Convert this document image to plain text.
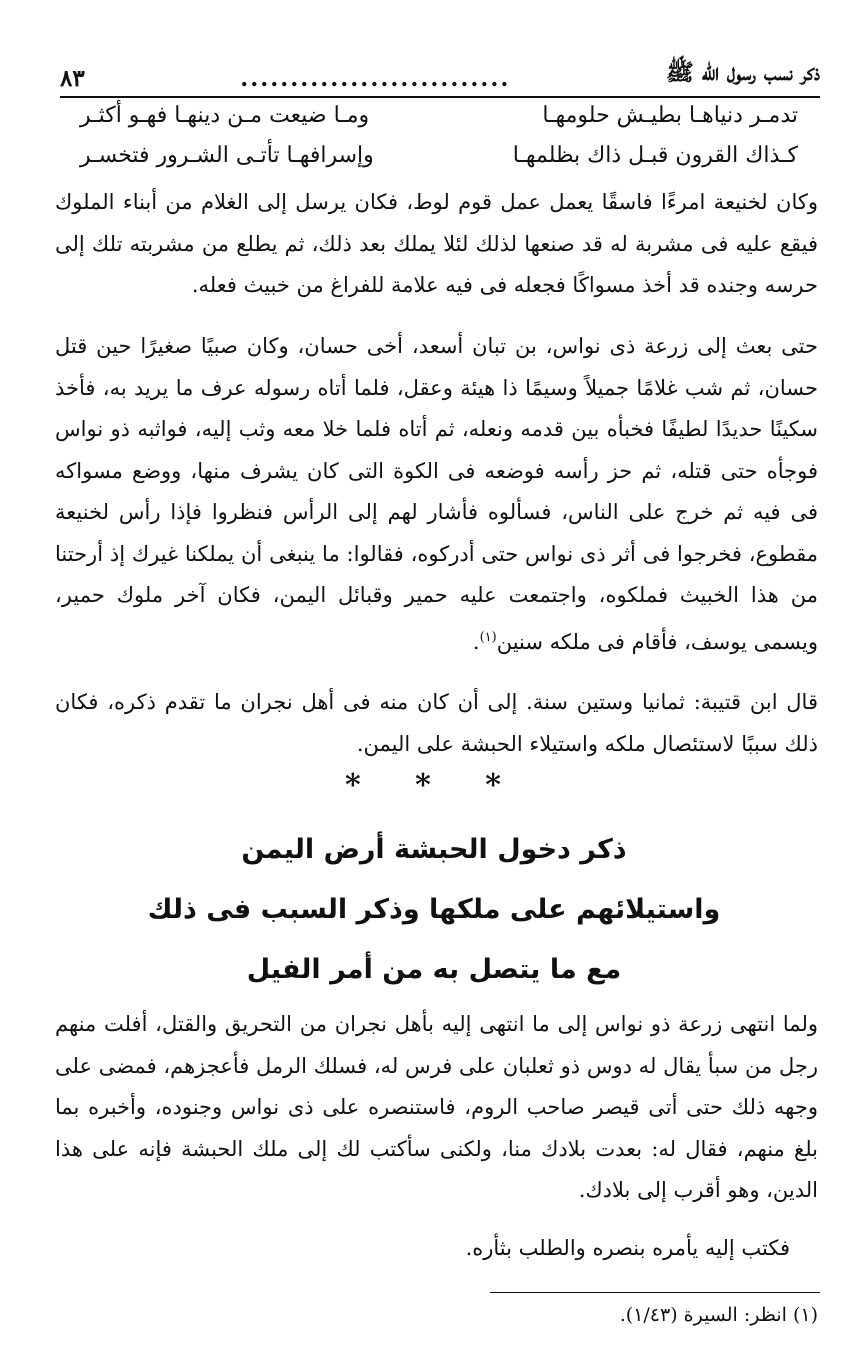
ذكر نسب رسول الله ﷺ
...........................
٨٣
تدمـر دنياهـا بطيـش حلومهـا
ومـا ضيعت مـن دينهـا فهـو أكثـر
كـذاك القرون قبـل ذاك بظلمهـا
وإسرافهـا تأتـى الشـرور فتخسـر

وكان لخنيعة امرءًا فاسقًا يعمل عمل قوم لوط، فكان يرسل إلى الغلام من أبناء الملوك فيقع عليه فى مشربة له قد صنعها لذلك لئلا يملك بعد ذلك، ثم يطلع من مشربته تلك إلى حرسه وجنده قد أخذ مسواكًا فجعله فى فيه علامة للفراغ من خبيث فعله.

حتى بعث إلى زرعة ذى نواس، بن تبان أسعد، أخى حسان، وكان صبيًا صغيرًا حين قتل حسان، ثم شب غلامًا جميلاً وسيمًا ذا هيئة وعقل، فلما أتاه رسوله عرف ما يريد به، فأخذ سكينًا حديدًا لطيفًا فخبأه بين قدمه ونعله، ثم أتاه فلما خلا معه وثب إليه، فواثبه ذو نواس فوجأه حتى قتله، ثم حز رأسه فوضعه فى الكوة التى كان يشرف منها، ووضع مسواكه فى فيه ثم خرج على الناس، فسألوه فأشار لهم إلى الرأس فنظروا فإذا رأس لخنيعة مقطوع، فخرجوا فى أثر ذى نواس حتى أدركوه، فقالوا: ما ينبغى أن يملكنا غيرك إذ أرحتنا من هذا الخبيث فملكوه، واجتمعت عليه حمير وقبائل اليمن، فكان آخر ملوك حمير، ويسمى يوسف، فأقام فى ملكه سنين$^{(١)}$.

قال ابن قتيبة: ثمانيا وستين سنة. إلى أن كان منه فى أهل نجران ما تقدم ذكره، فكان ذلك سببًا لاستئصال ملكه واستيلاء الحبشة على اليمن.

* * *
ذكر دخول الحبشة أرض اليمن
واستيلائهم على ملكها وذكر السبب فى ذلك
مع ما يتصل به من أمر الفيل

ولما انتهى زرعة ذو نواس إلى ما انتهى إليه بأهل نجران من التحريق والقتل، أفلت منهم رجل من سبأ يقال له دوس ذو ثعلبان على فرس له، فسلك الرمل فأعجزهم، فمضى على وجهه ذلك حتى أتى قيصر صاحب الروم، فاستنصره على ذى نواس وجنوده، وأخبره بما بلغ منهم، فقال له: بعدت بلادك منا، ولكنى سأكتب لك إلى ملك الحبشة فإنه على هذا الدين، وهو أقرب إلى بلادك.

فكتب إليه يأمره بنصره والطلب بثأره.

(١) انظر: السيرة (١/٤٣).
